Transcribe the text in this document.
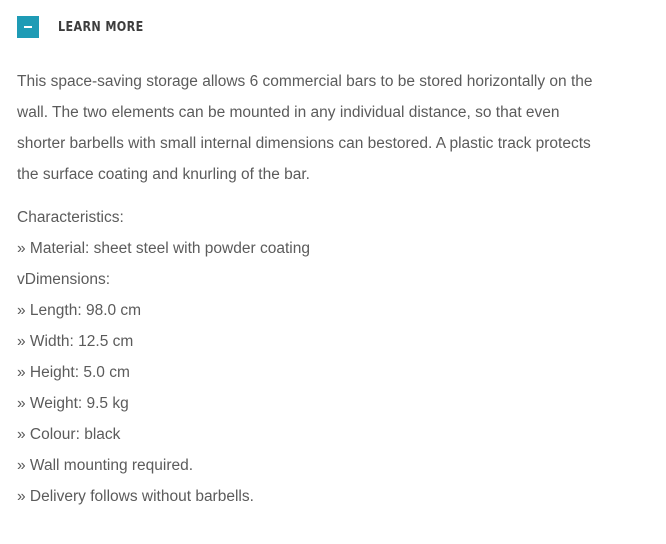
LEARN MORE

This space-saving storage allows 6 commercial bars to be stored horizontally on the wall. The two elements can be mounted in any individual distance, so that even shorter barbells with small internal dimensions can bestored. A plastic track protects the surface coating and knurling of the bar.

Characteristics:
» Material: sheet steel with powder coating
vDimensions:
» Length: 98.0 cm
» Width: 12.5 cm
» Height: 5.0 cm
» Weight: 9.5 kg
» Colour: black
» Wall mounting required.
» Delivery follows without barbells.
